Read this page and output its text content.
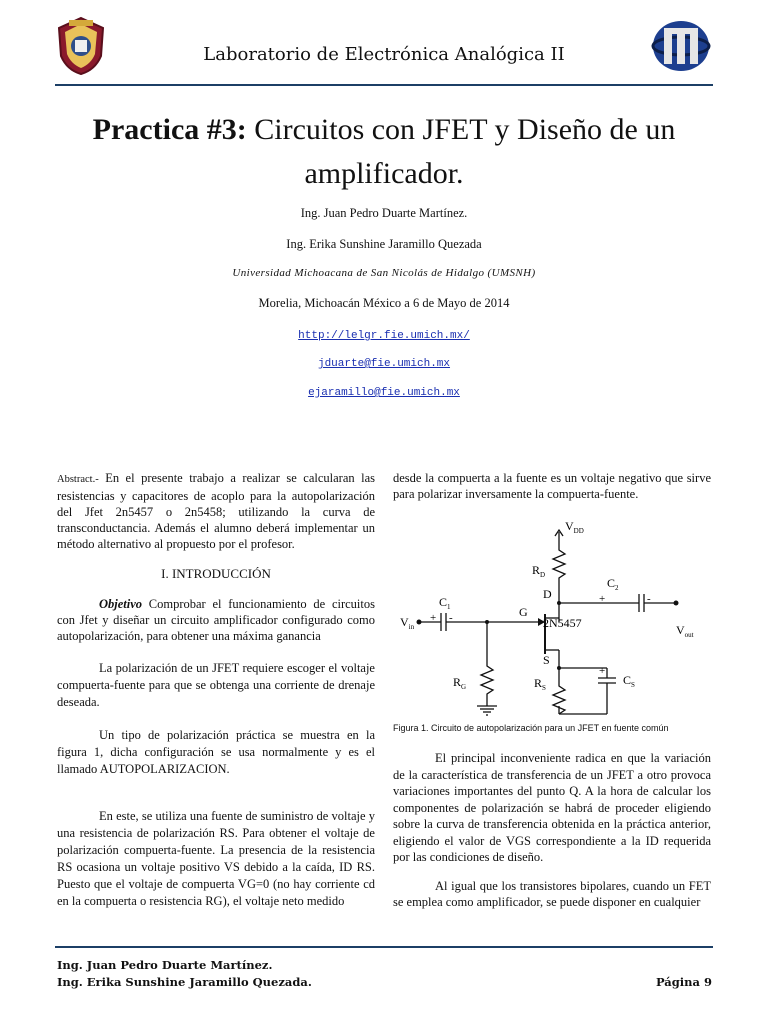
Laboratorio de Electrónica Analógica II
Practica #3: Circuitos con JFET y Diseño de un amplificador.
Ing. Juan Pedro Duarte Martínez.
Ing. Erika Sunshine Jaramillo Quezada
Universidad Michoacana de San Nicolás de Hidalgo (UMSNH)
Morelia, Michoacán México a 6 de Mayo de 2014
http://lelgr.fie.umich.mx/
jduarte@fie.umich.mx
ejaramillo@fie.umich.mx

Abstract.- En el presente trabajo a realizar se calcularan las resistencias y capacitores de acoplo para la autopolarización del Jfet 2n5457 o 2n5458; utilizando la curva de transconductancia. Además el alumno deberá implementar un método alternativo al propuesto por el profesor.

I. INTRODUCCIÓN

Objetivo Comprobar el funcionamiento de circuitos con Jfet y diseñar un circuito amplificador configurado como autopolarización, para obtener una máxima ganancia

La polarización de un JFET requiere escoger el voltaje compuerta-fuente para que se obtenga una corriente de drenaje deseada.

Un tipo de polarización práctica se muestra en la figura 1, dicha configuración se usa normalmente y es el llamado AUTOPOLARIZACION.

En este, se utiliza una fuente de suministro de voltaje y una resistencia de polarización RS. Para obtener el voltaje de polarización compuerta-fuente. La presencia de la resistencia RS ocasiona un voltaje positivo VS debido a la caída, ID RS. Puesto que el voltaje de compuerta VG=0 (no hay corriente cd en la compuerta o resistencia RG), el voltaje neto medido

desde la compuerta a la fuente es un voltaje negativo que sirve para polarizar inversamente la compuerta-fuente.

$V_{DD}$
$R_D$
$C_2$
+	-
D
G
2N5457
S
$C_1$
+ -
$V_{in}$	$V_{out}$
$R_G$	$R_S$
+
$C_S$

Figura 1. Circuito de autopolarización para un JFET en fuente común

El principal inconveniente radica en que la variación de la característica de transferencia de un JFET a otro provoca variaciones importantes del punto Q. A la hora de calcular los componentes de polarización se habrá de proceder eligiendo sobre la curva de transferencia obtenida en la práctica anterior, eligiendo el valor de VGS correspondiente a la ID requerida por las condiciones de diseño.

Al igual que los transistores bipolares, cuando un FET se emplea como amplificador, se puede disponer en cualquier

Ing. Juan Pedro Duarte Martínez.
Ing. Erika Sunshine Jaramillo Quezada.	Página 9
